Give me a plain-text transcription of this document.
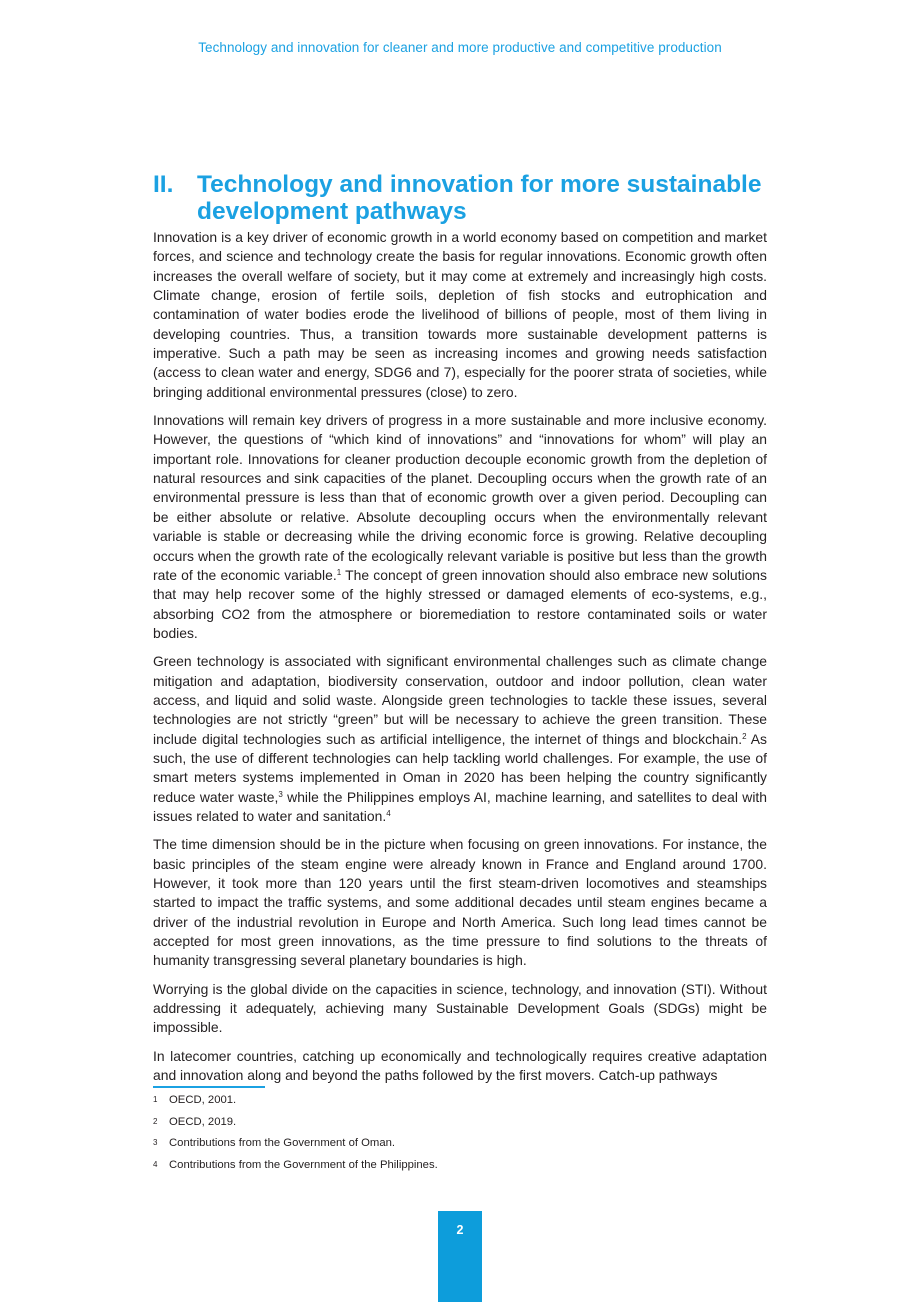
Technology and innovation for cleaner and more productive and competitive production
II. Technology and innovation for more sustainable development pathways

Innovation is a key driver of economic growth in a world economy based on competition and market forces, and science and technology create the basis for regular innovations. Economic growth often increases the overall welfare of society, but it may come at extremely and increasingly high costs. Climate change, erosion of fertile soils, depletion of fish stocks and eutrophication and contamination of water bodies erode the livelihood of billions of people, most of them living in developing countries. Thus, a transition towards more sustainable development patterns is imperative. Such a path may be seen as increasing incomes and growing needs satisfaction (access to clean water and energy, SDG6 and 7), especially for the poorer strata of societies, while bringing additional environmental pressures (close) to zero.

Innovations will remain key drivers of progress in a more sustainable and more inclusive economy. However, the questions of “which kind of innovations” and “innovations for whom” will play an important role. Innovations for cleaner production decouple economic growth from the depletion of natural resources and sink capacities of the planet. Decoupling occurs when the growth rate of an environmental pressure is less than that of economic growth over a given period. Decoupling can be either absolute or relative. Absolute decoupling occurs when the environmentally relevant variable is stable or decreasing while the driving economic force is growing. Relative decoupling occurs when the growth rate of the ecologically relevant variable is positive but less than the growth rate of the economic variable.$^1$ The concept of green innovation should also embrace new solutions that may help recover some of the highly stressed or damaged elements of eco-systems, e.g., absorbing CO2 from the atmosphere or bioremediation to restore contaminated soils or water bodies.

Green technology is associated with significant environmental challenges such as climate change mitigation and adaptation, biodiversity conservation, outdoor and indoor pollution, clean water access, and liquid and solid waste. Alongside green technologies to tackle these issues, several technologies are not strictly “green” but will be necessary to achieve the green transition. These include digital technologies such as artificial intelligence, the internet of things and blockchain.$^2$ As such, the use of different technologies can help tackling world challenges. For example, the use of smart meters systems implemented in Oman in 2020 has been helping the country significantly reduce water waste,$^3$ while the Philippines employs AI, machine learning, and satellites to deal with issues related to water and sanitation.$^4$

The time dimension should be in the picture when focusing on green innovations. For instance, the basic principles of the steam engine were already known in France and England around 1700. However, it took more than 120 years until the first steam-driven locomotives and steamships started to impact the traffic systems, and some additional decades until steam engines became a driver of the industrial revolution in Europe and North America. Such long lead times cannot be accepted for most green innovations, as the time pressure to find solutions to the threats of humanity transgressing several planetary boundaries is high.

Worrying is the global divide on the capacities in science, technology, and innovation (STI). Without addressing it adequately, achieving many Sustainable Development Goals (SDGs) might be impossible.

In latecomer countries, catching up economically and technologically requires creative adaptation and innovation along and beyond the paths followed by the first movers. Catch-up pathways

1	OECD, 2001.
2	OECD, 2019.
3	Contributions from the Government of Oman.
4	Contributions from the Government of the Philippines.
2
